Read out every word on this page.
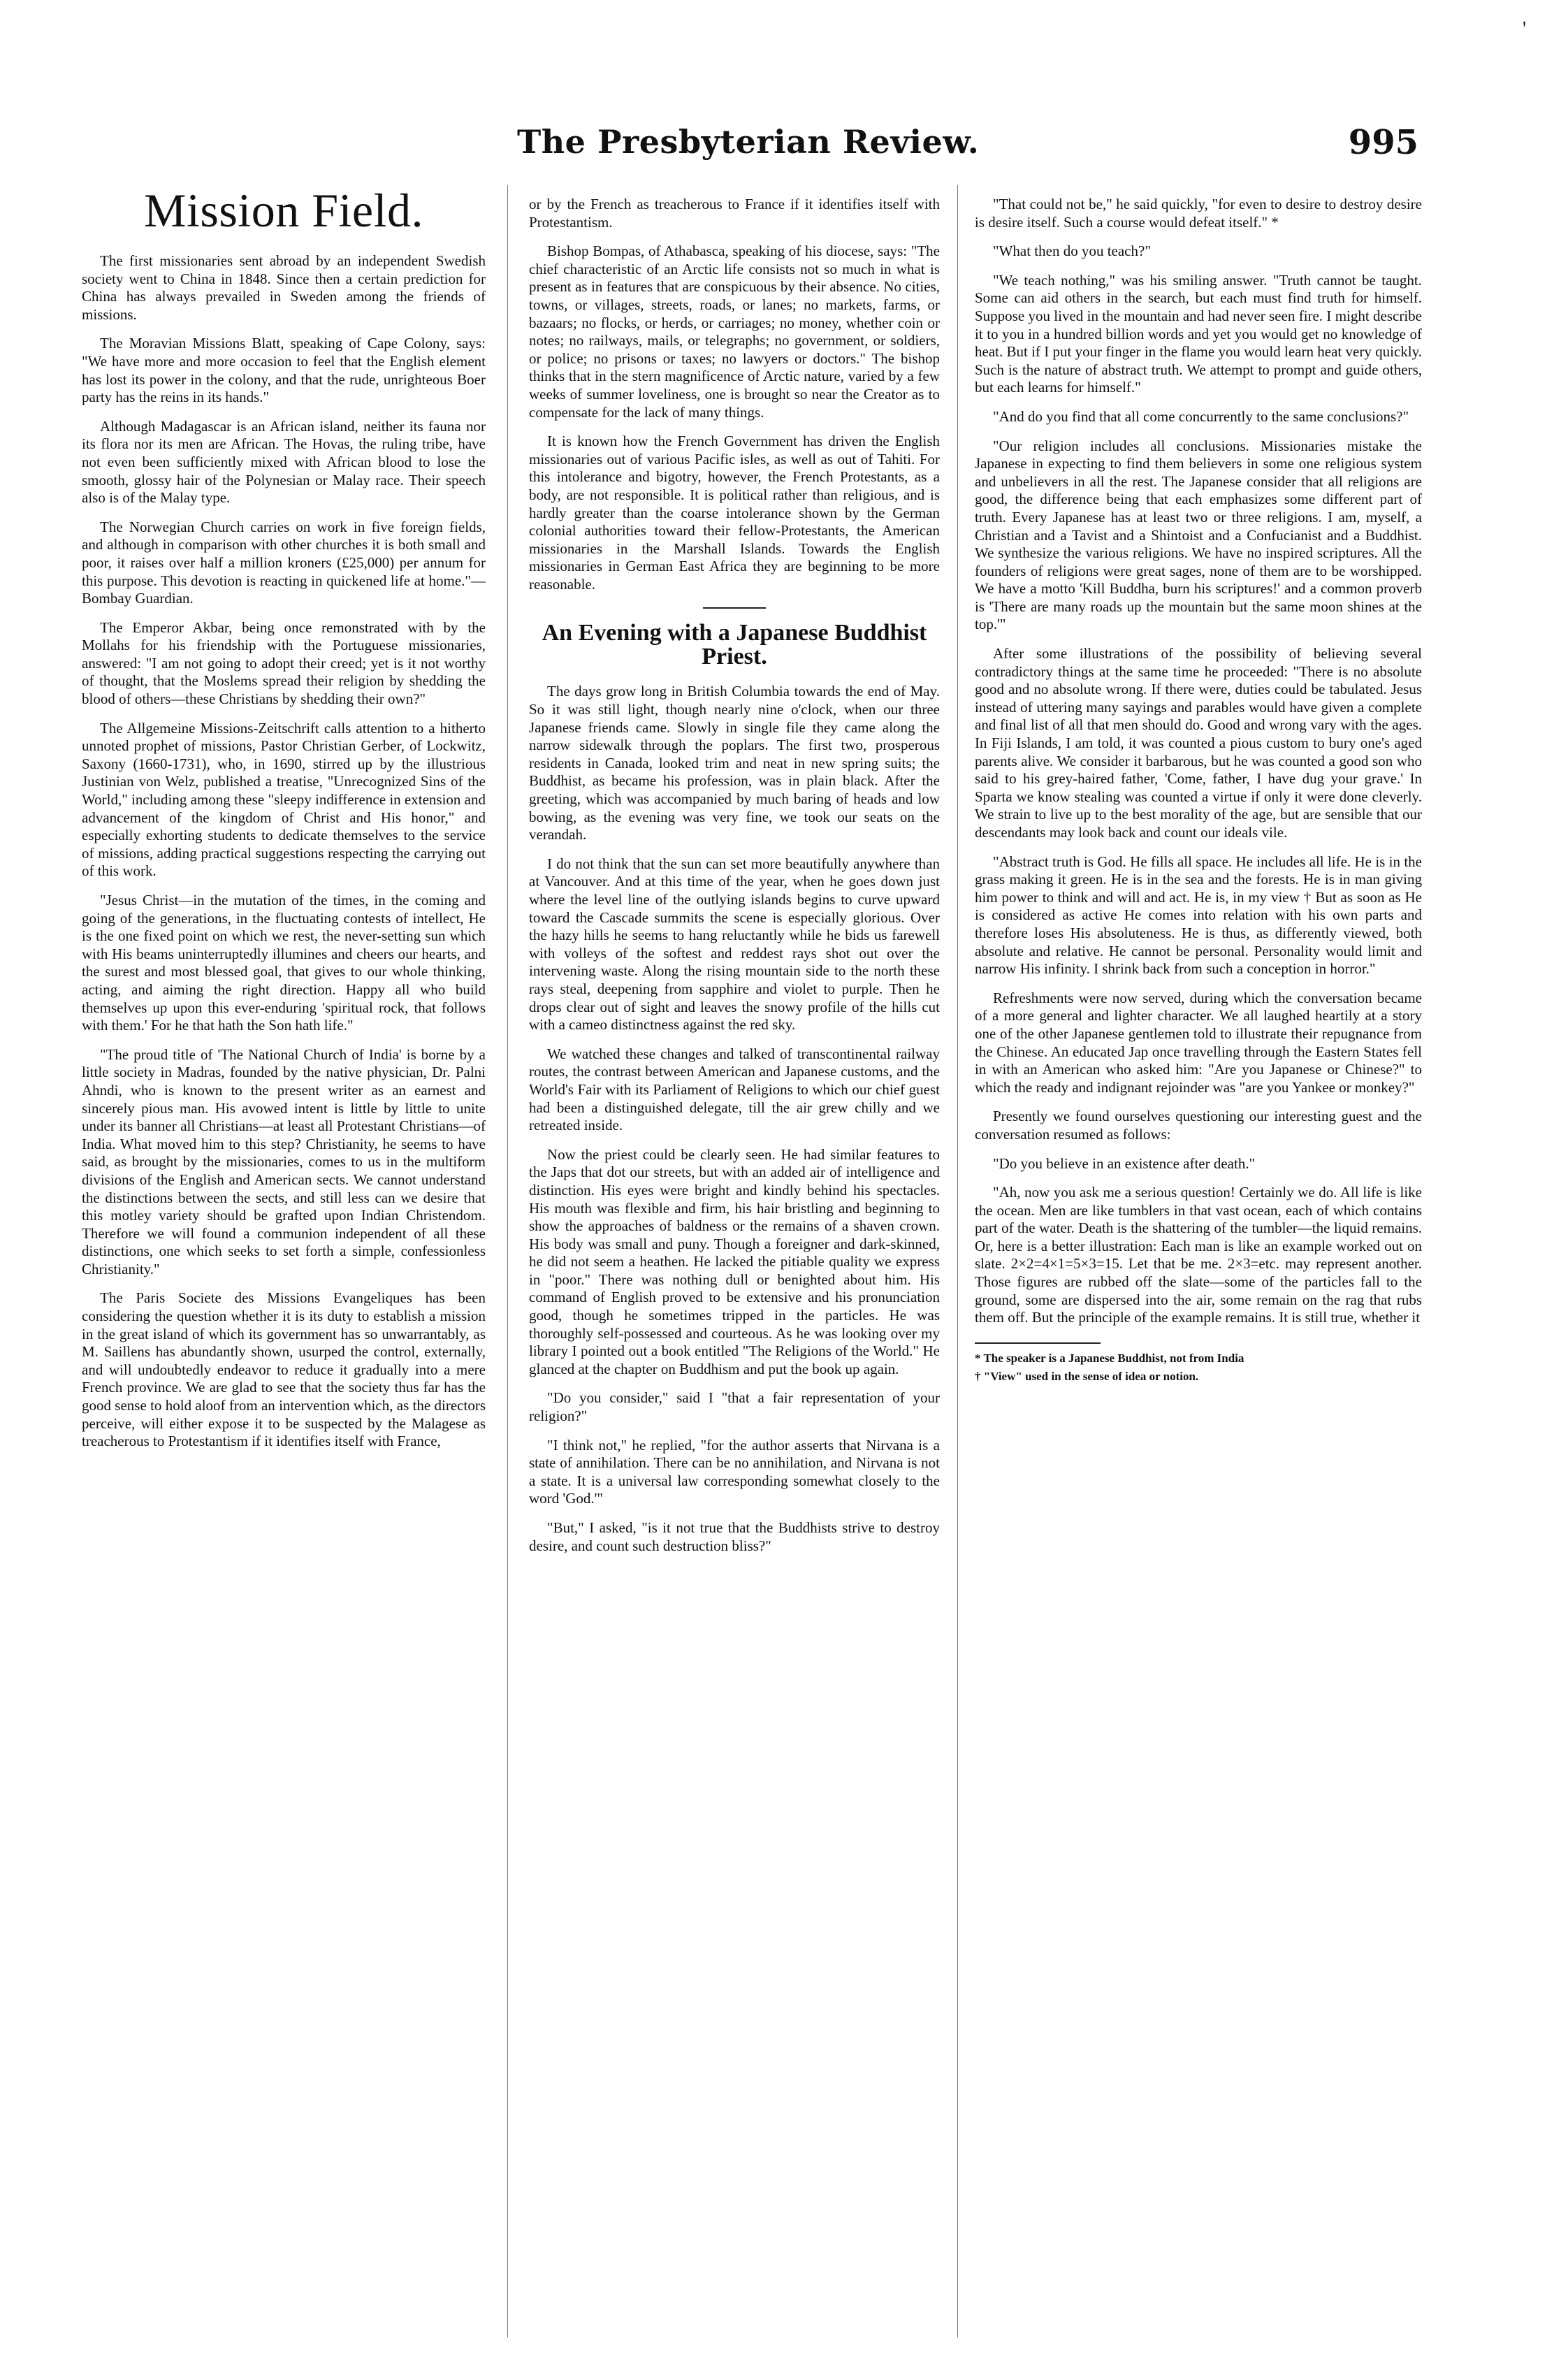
'
The Presbyterian Review.	995
Mission Field.

The first missionaries sent abroad by an independent Swedish society went to China in 1848. Since then a certain prediction for China has always prevailed in Sweden among the friends of missions.

The Moravian Missions Blatt, speaking of Cape Colony, says: "We have more and more occasion to feel that the English element has lost its power in the colony, and that the rude, unrighteous Boer party has the reins in its hands."

Although Madagascar is an African island, neither its fauna nor its flora nor its men are African. The Hovas, the ruling tribe, have not even been sufficiently mixed with African blood to lose the smooth, glossy hair of the Polynesian or Malay race. Their speech also is of the Malay type.

The Norwegian Church carries on work in five foreign fields, and although in comparison with other churches it is both small and poor, it raises over half a million kroners (£25,000) per annum for this purpose. This devotion is reacting in quickened life at home."—Bombay Guardian.

The Emperor Akbar, being once remonstrated with by the Mollahs for his friendship with the Portuguese missionaries, answered: "I am not going to adopt their creed; yet is it not worthy of thought, that the Moslems spread their religion by shedding the blood of others—these Christians by shedding their own?"

The Allgemeine Missions-Zeitschrift calls attention to a hitherto unnoted prophet of missions, Pastor Christian Gerber, of Lockwitz, Saxony (1660-1731), who, in 1690, stirred up by the illustrious Justinian von Welz, published a treatise, "Unrecognized Sins of the World," including among these "sleepy indifference in extension and advancement of the kingdom of Christ and His honor," and especially exhorting students to dedicate themselves to the service of missions, adding practical suggestions respecting the carrying out of this work.

"Jesus Christ—in the mutation of the times, in the coming and going of the generations, in the fluctuating contests of intellect, He is the one fixed point on which we rest, the never-setting sun which with His beams uninterruptedly illumines and cheers our hearts, and the surest and most blessed goal, that gives to our whole thinking, acting, and aiming the right direction. Happy all who build themselves up upon this ever-enduring 'spiritual rock, that follows with them.' For he that hath the Son hath life."

"The proud title of 'The National Church of India' is borne by a little society in Madras, founded by the native physician, Dr. Palni Ahndi, who is known to the present writer as an earnest and sincerely pious man. His avowed intent is little by little to unite under its banner all Christians—at least all Protestant Christians—of India. What moved him to this step? Christianity, he seems to have said, as brought by the missionaries, comes to us in the multiform divisions of the English and American sects. We cannot understand the distinctions between the sects, and still less can we desire that this motley variety should be grafted upon Indian Christendom. Therefore we will found a communion independent of all these distinctions, one which seeks to set forth a simple, confessionless Christianity."

The Paris Societe des Missions Evangeliques has been considering the question whether it is its duty to establish a mission in the great island of which its government has so unwarrantably, as M. Saillens has abundantly shown, usurped the control, externally, and will undoubtedly endeavor to reduce it gradually into a mere French province. We are glad to see that the society thus far has the good sense to hold aloof from an intervention which, as the directors perceive, will either expose it to be suspected by the Malagese as treacherous to Protestantism if it identifies itself with France,

or by the French as treacherous to France if it identifies itself with Protestantism.

Bishop Bompas, of Athabasca, speaking of his diocese, says: "The chief characteristic of an Arctic life consists not so much in what is present as in features that are conspicuous by their absence. No cities, towns, or villages, streets, roads, or lanes; no markets, farms, or bazaars; no flocks, or herds, or carriages; no money, whether coin or notes; no railways, mails, or telegraphs; no government, or soldiers, or police; no prisons or taxes; no lawyers or doctors." The bishop thinks that in the stern magnificence of Arctic nature, varied by a few weeks of summer loveliness, one is brought so near the Creator as to compensate for the lack of many things.

It is known how the French Government has driven the English missionaries out of various Pacific isles, as well as out of Tahiti. For this intolerance and bigotry, however, the French Protestants, as a body, are not responsible. It is political rather than religious, and is hardly greater than the coarse intolerance shown by the German colonial authorities toward their fellow-Protestants, the American missionaries in the Marshall Islands. Towards the English missionaries in German East Africa they are beginning to be more reasonable.

An Evening with a Japanese Buddhist Priest.

The days grow long in British Columbia towards the end of May. So it was still light, though nearly nine o'clock, when our three Japanese friends came. Slowly in single file they came along the narrow sidewalk through the poplars. The first two, prosperous residents in Canada, looked trim and neat in new spring suits; the Buddhist, as became his profession, was in plain black. After the greeting, which was accompanied by much baring of heads and low bowing, as the evening was very fine, we took our seats on the verandah.

I do not think that the sun can set more beautifully anywhere than at Vancouver. And at this time of the year, when he goes down just where the level line of the outlying islands begins to curve upward toward the Cascade summits the scene is especially glorious. Over the hazy hills he seems to hang reluctantly while he bids us farewell with volleys of the softest and reddest rays shot out over the intervening waste. Along the rising mountain side to the north these rays steal, deepening from sapphire and violet to purple. Then he drops clear out of sight and leaves the snowy profile of the hills cut with a cameo distinctness against the red sky.

We watched these changes and talked of transcontinental railway routes, the contrast between American and Japanese customs, and the World's Fair with its Parliament of Religions to which our chief guest had been a distinguished delegate, till the air grew chilly and we retreated inside.

Now the priest could be clearly seen. He had similar features to the Japs that dot our streets, but with an added air of intelligence and distinction. His eyes were bright and kindly behind his spectacles. His mouth was flexible and firm, his hair bristling and beginning to show the approaches of baldness or the remains of a shaven crown. His body was small and puny. Though a foreigner and dark-skinned, he did not seem a heathen. He lacked the pitiable quality we express in "poor." There was nothing dull or benighted about him. His command of English proved to be extensive and his pronunciation good, though he sometimes tripped in the particles. He was thoroughly self-possessed and courteous. As he was looking over my library I pointed out a book entitled "The Religions of the World." He glanced at the chapter on Buddhism and put the book up again.

"Do you consider," said I "that a fair representation of your religion?"

"I think not," he replied, "for the author asserts that Nirvana is a state of annihilation. There can be no annihilation, and Nirvana is not a state. It is a universal law corresponding somewhat closely to the word 'God.'"

"But," I asked, "is it not true that the Buddhists strive to destroy desire, and count such destruction bliss?"

"That could not be," he said quickly, "for even to desire to destroy desire is desire itself. Such a course would defeat itself." *

"What then do you teach?"

"We teach nothing," was his smiling answer. "Truth cannot be taught. Some can aid others in the search, but each must find truth for himself. Suppose you lived in the mountain and had never seen fire. I might describe it to you in a hundred billion words and yet you would get no knowledge of heat. But if I put your finger in the flame you would learn heat very quickly. Such is the nature of abstract truth. We attempt to prompt and guide others, but each learns for himself."

"And do you find that all come concurrently to the same conclusions?"

"Our religion includes all conclusions. Missionaries mistake the Japanese in expecting to find them believers in some one religious system and unbelievers in all the rest. The Japanese consider that all religions are good, the difference being that each emphasizes some different part of truth. Every Japanese has at least two or three religions. I am, myself, a Christian and a Tavist and a Shintoist and a Confucianist and a Buddhist. We synthesize the various religions. We have no inspired scriptures. All the founders of religions were great sages, none of them are to be worshipped. We have a motto 'Kill Buddha, burn his scriptures!' and a common proverb is 'There are many roads up the mountain but the same moon shines at the top.'"

After some illustrations of the possibility of believing several contradictory things at the same time he proceeded: "There is no absolute good and no absolute wrong. If there were, duties could be tabulated. Jesus instead of uttering many sayings and parables would have given a complete and final list of all that men should do. Good and wrong vary with the ages. In Fiji Islands, I am told, it was counted a pious custom to bury one's aged parents alive. We consider it barbarous, but he was counted a good son who said to his grey-haired father, 'Come, father, I have dug your grave.' In Sparta we know stealing was counted a virtue if only it were done cleverly. We strain to live up to the best morality of the age, but are sensible that our descendants may look back and count our ideals vile.

"Abstract truth is God. He fills all space. He includes all life. He is in the grass making it green. He is in the sea and the forests. He is in man giving him power to think and will and act. He is, in my view † But as soon as He is considered as active He comes into relation with his own parts and therefore loses His absoluteness. He is thus, as differently viewed, both absolute and relative. He cannot be personal. Personality would limit and narrow His infinity. I shrink back from such a conception in horror."

Refreshments were now served, during which the conversation became of a more general and lighter character. We all laughed heartily at a story one of the other Japanese gentlemen told to illustrate their repugnance from the Chinese. An educated Jap once travelling through the Eastern States fell in with an American who asked him: "Are you Japanese or Chinese?" to which the ready and indignant rejoinder was "are you Yankee or monkey?"

Presently we found ourselves questioning our interesting guest and the conversation resumed as follows:

"Do you believe in an existence after death."

"Ah, now you ask me a serious question! Certainly we do. All life is like the ocean. Men are like tumblers in that vast ocean, each of which contains part of the water. Death is the shattering of the tumbler—the liquid remains. Or, here is a better illustration: Each man is like an example worked out on slate. 2×2=4×1=5×3=15. Let that be me. 2×3=etc. may represent another. Those figures are rubbed off the slate—some of the particles fall to the ground, some are dispersed into the air, some remain on the rag that rubs them off. But the principle of the example remains. It is still true, whether it

* The speaker is a Japanese Buddhist, not from India

† "View" used in the sense of idea or notion.
